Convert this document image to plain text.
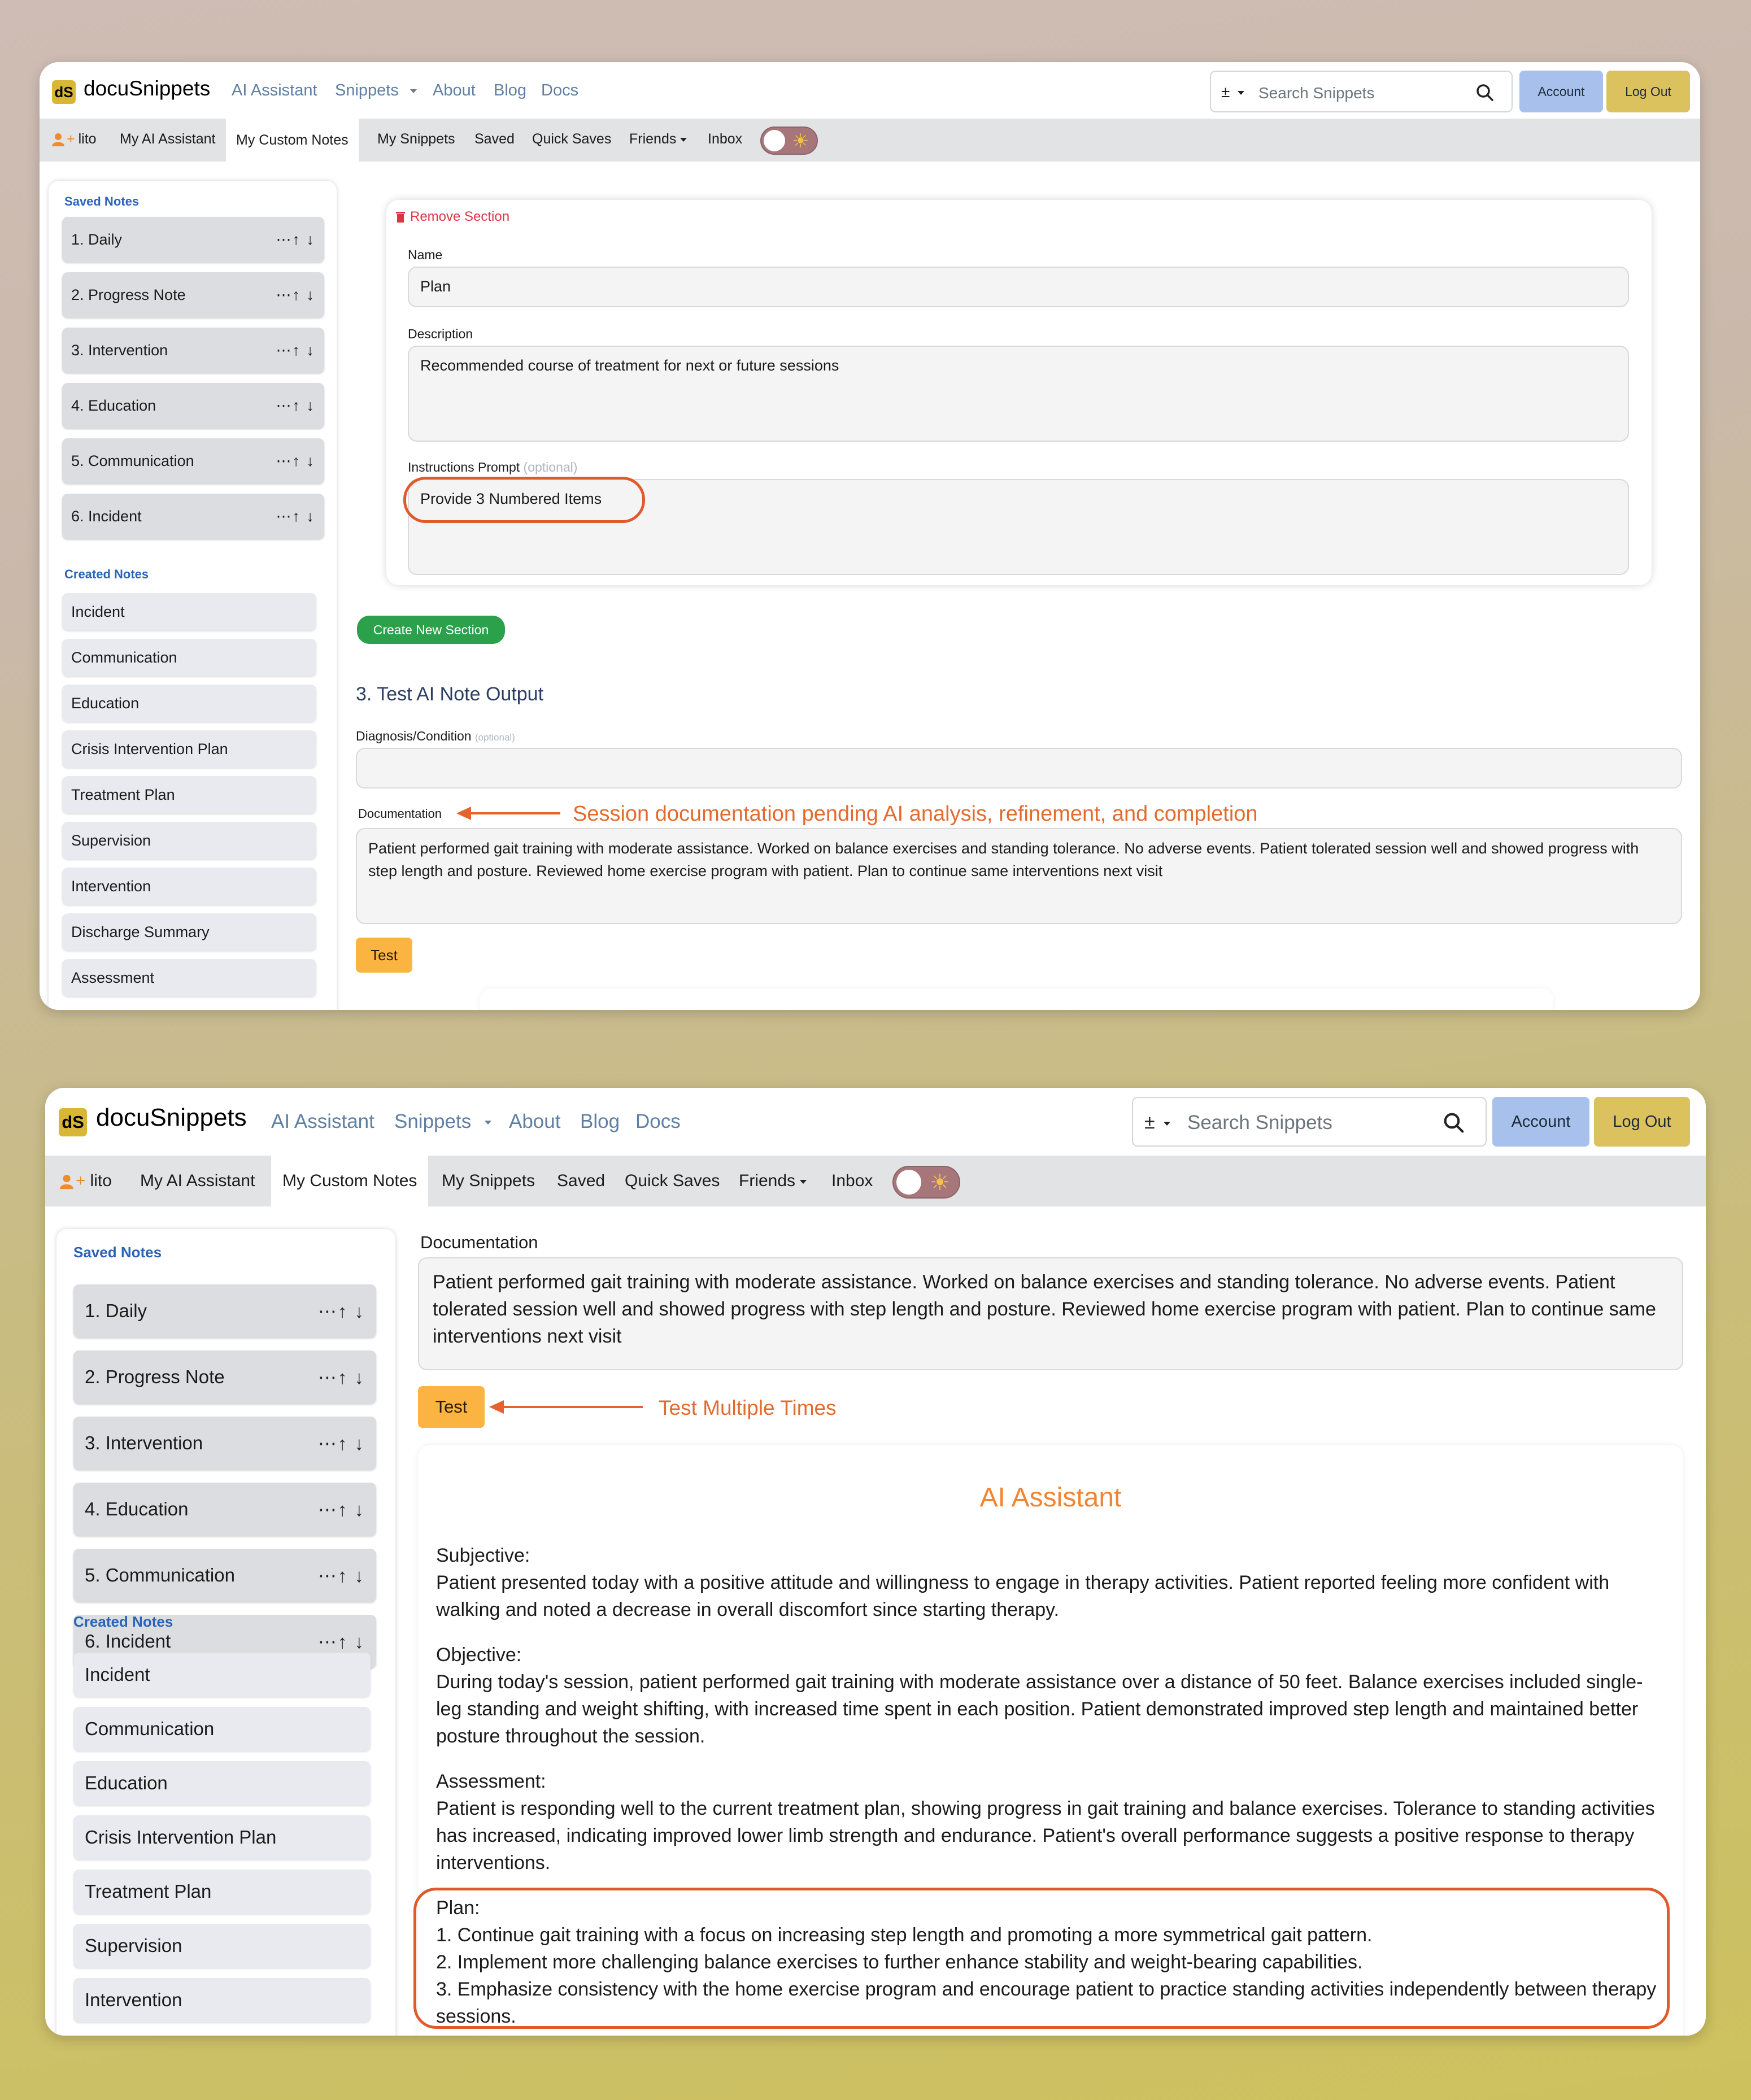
dS docuSnippets AI Assistant Snippets	About Blog Docs	±	Search Snippets	Account	Log Out
+ lito My AI Assistant	My Custom Notes	My Snippets Saved Quick Saves Friends	Inbox	☀
Saved Notes
1. Daily	⋯↑ ↓
2. Progress Note	⋯↑ ↓
3. Intervention	⋯↑ ↓
4. Education	⋯↑ ↓
5. Communication	⋯↑ ↓
6. Incident	⋯↑ ↓
Created Notes
Incident
Communication
Education
Crisis Intervention Plan
Treatment Plan
Supervision
Intervention
Discharge Summary
Assessment
Remove Section
Name
Plan
Description
Recommended course of treatment for next or future sessions
Instructions Prompt (optional)
Provide 3 Numbered Items
Create New Section
3. Test AI Note Output
Diagnosis/Condition (optional)
Documentation	Session documentation pending AI analysis, refinement, and completion
Patient performed gait training with moderate assistance. Worked on balance exercises and standing tolerance. No adverse events. Patient tolerated session well and showed progress with step length and posture. Reviewed home exercise program with patient. Plan to continue same interventions next visit
Test
dS docuSnippets AI Assistant Snippets	About Blog Docs	±	Search Snippets	Account	Log Out
+ lito My AI Assistant	My Custom Notes	My Snippets Saved Quick Saves Friends	Inbox	☀
Saved Notes
1. Daily	⋯↑ ↓
2. Progress Note	⋯↑ ↓
3. Intervention	⋯↑ ↓
4. Education	⋯↑ ↓
5. Communication	⋯↑ ↓
6. Incident	⋯↑ ↓
Created Notes
Incident
Communication
Education
Crisis Intervention Plan
Treatment Plan
Supervision
Intervention
Documentation
Patient performed gait training with moderate assistance. Worked on balance exercises and standing tolerance. No adverse events. Patient tolerated session well and showed progress with step length and posture. Reviewed home exercise program with patient. Plan to continue same interventions next visit
Test	Test Multiple Times
AI Assistant
Subjective:
Patient presented today with a positive attitude and willingness to engage in therapy activities. Patient reported feeling more confident with walking and noted a decrease in overall discomfort since starting therapy.
Objective:
During today's session, patient performed gait training with moderate assistance over a distance of 50 feet. Balance exercises included single-leg standing and weight shifting, with increased time spent in each position. Patient demonstrated improved step length and maintained better posture throughout the session.
Assessment:
Patient is responding well to the current treatment plan, showing progress in gait training and balance exercises. Tolerance to standing activities has increased, indicating improved lower limb strength and endurance. Patient's overall performance suggests a positive response to therapy interventions.
Plan:
1. Continue gait training with a focus on increasing step length and promoting a more symmetrical gait pattern.
2. Implement more challenging balance exercises to further enhance stability and weight-bearing capabilities.
3. Emphasize consistency with the home exercise program and encourage patient to practice standing activities independently between therapy sessions.
